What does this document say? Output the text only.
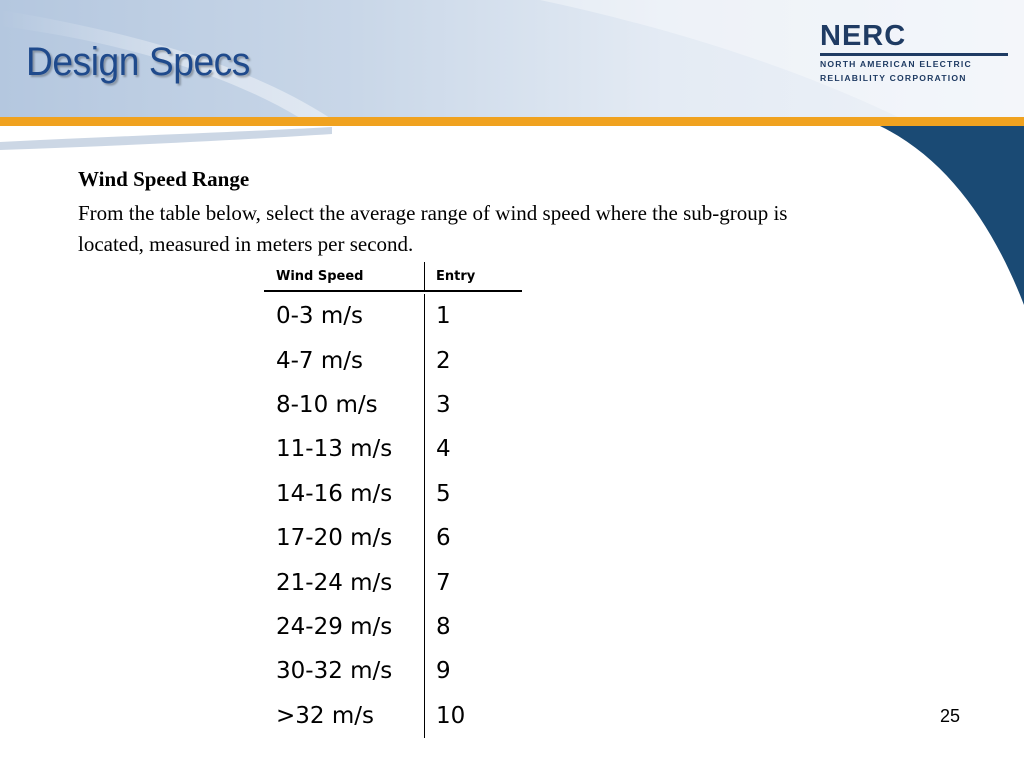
Design Specs
NERC
NORTH AMERICAN ELECTRIC
RELIABILITY CORPORATION
Wind Speed Range
From the table below, select the average range of wind speed where the sub-group is located, measured in meters per second.
Wind Speed	Entry
0-3 m/s	1
4-7 m/s	2
8-10 m/s	3
11-13 m/s	4
14-16 m/s	5
17-20 m/s	6
21-24 m/s	7
24-29 m/s	8
30-32 m/s	9
>32 m/s	10	25
